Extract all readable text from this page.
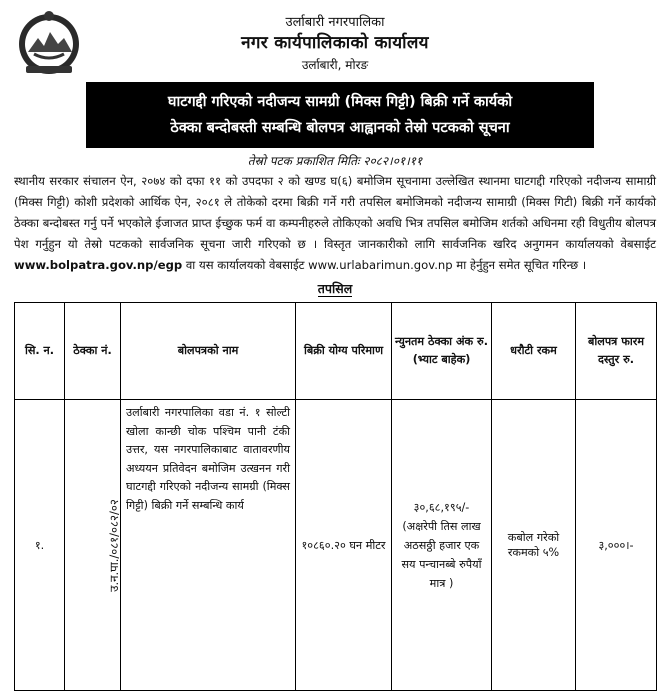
उर्लाबारी नगरपालिका
नगर कार्यपालिकाको कार्यालय
उर्लाबारी, मोरङ
घाटगद्दी गरिएको नदीजन्य सामग्री (मिक्स गिट्टी) बिक्री गर्ने कार्यको
ठेक्का बन्दोबस्ती सम्बन्धि बोलपत्र आह्वानको तेस्रो पटकको सूचना
तेस्रो पटक प्रकाशित मितिः २०८२।०१।११
स्थानीय सरकार संचालन ऐन, २०७४ को दफा ११ को उपदफा २ को खण्ड घ(६) बमोजिम सूचनामा उल्लेखित स्थानमा घाटगद्दी गरिएको नदीजन्य सामाग्री (मिक्स गिट्टी) कोशी प्रदेशको आर्थिक ऐन, २०८१ ले तोकेको दरमा बिक्री गर्ने गरी तपसिल बमोजिमको नदीजन्य सामाग्री (मिक्स गिटी) बिक्री गर्ने कार्यको ठेक्का बन्दोबस्त गर्नु पर्ने भएकोले ईजाजत प्राप्त ईच्छुक फर्म वा कम्पनीहरुले तोकिएको अवधि भित्र तपसिल बमोजिम शर्तको अधिनमा रही विधुतीय बोलपत्र पेश गर्नुहुन यो तेस्रो पटकको सार्वजनिक सूचना जारी गरिएको छ । विस्तृत जानकारीको लागि सार्वजनिक खरिद अनुगमन कार्यालयको वेबसाईट www.bolpatra.gov.np/egp वा यस कार्यालयको वेबसाईट www.urlabarimun.gov.np मा हेर्नुहुन समेत सूचित गरिन्छ ।
तपसिल
सि. न.	ठेक्का नं.	बोलपत्रको नाम	बिक्री योग्य परिमाण	न्युनतम ठेक्का अंक रु. (भ्याट बाहेक)	धरौटी रकम	बोलपत्र फारम दस्तुर रु.
१.	उ.न.पा./०८१/०८२/०२	उर्लाबारी नगरपालिका वडा नं. १ सोल्टी खोला कान्छी चोक पश्चिम पानी टंकी उत्तर, यस नगरपालिकाबाट वातावरणीय अध्ययन प्रतिवेदन बमोजिम उत्खनन गरी घाटगद्दी गरिएको नदीजन्य सामग्री (मिक्स गिट्टी) बिक्री गर्ने सम्बन्धि कार्य	१०८६०.२० घन मीटर	३०,६८,१९५/-
(अक्षरेपी तिस लाख अठसठ्ठी हजार एक सय पन्चानब्बे रुपैयाँ मात्र )	कबोल गरेको रकमको ५%	३,०००।-
